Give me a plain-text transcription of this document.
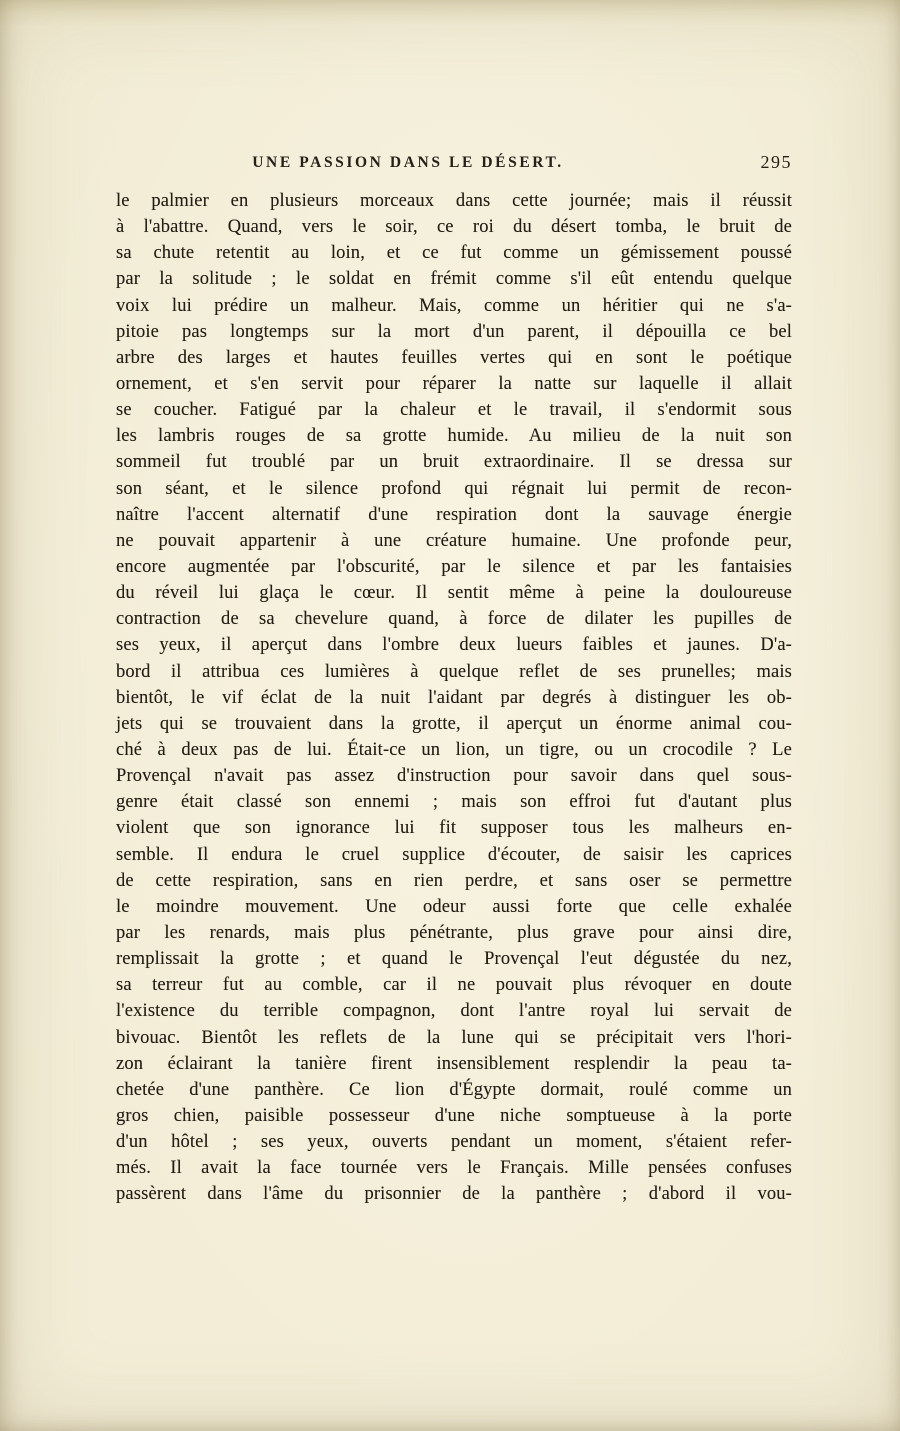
UNE PASSION DANS LE DÉSERT.	295
le palmier en plusieurs morceaux dans cette journée; mais il réussit
à l'abattre. Quand, vers le soir, ce roi du désert tomba, le bruit de
sa chute retentit au loin, et ce fut comme un gémissement poussé
par la solitude ; le soldat en frémit comme s'il eût entendu quelque
voix lui prédire un malheur. Mais, comme un héritier qui ne s'a-
pitoie pas longtemps sur la mort d'un parent, il dépouilla ce bel
arbre des larges et hautes feuilles vertes qui en sont le poétique
ornement, et s'en servit pour réparer la natte sur laquelle il allait
se coucher. Fatigué par la chaleur et le travail, il s'endormit sous
les lambris rouges de sa grotte humide. Au milieu de la nuit son
sommeil fut troublé par un bruit extraordinaire. Il se dressa sur
son séant, et le silence profond qui régnait lui permit de recon-
naître l'accent alternatif d'une respiration dont la sauvage énergie
ne pouvait appartenir à une créature humaine. Une profonde peur,
encore augmentée par l'obscurité, par le silence et par les fantaisies
du réveil lui glaça le cœur. Il sentit même à peine la douloureuse
contraction de sa chevelure quand, à force de dilater les pupilles de
ses yeux, il aperçut dans l'ombre deux lueurs faibles et jaunes. D'a-
bord il attribua ces lumières à quelque reflet de ses prunelles; mais
bientôt, le vif éclat de la nuit l'aidant par degrés à distinguer les ob-
jets qui se trouvaient dans la grotte, il aperçut un énorme animal cou-
ché à deux pas de lui. Était-ce un lion, un tigre, ou un crocodile ? Le
Provençal n'avait pas assez d'instruction pour savoir dans quel sous-
genre était classé son ennemi ; mais son effroi fut d'autant plus
violent que son ignorance lui fit supposer tous les malheurs en-
semble. Il endura le cruel supplice d'écouter, de saisir les caprices
de cette respiration, sans en rien perdre, et sans oser se permettre
le moindre mouvement. Une odeur aussi forte que celle exhalée
par les renards, mais plus pénétrante, plus grave pour ainsi dire,
remplissait la grotte ; et quand le Provençal l'eut dégustée du nez,
sa terreur fut au comble, car il ne pouvait plus révoquer en doute
l'existence du terrible compagnon, dont l'antre royal lui servait de
bivouac. Bientôt les reflets de la lune qui se précipitait vers l'hori-
zon éclairant la tanière firent insensiblement resplendir la peau ta-
chetée d'une panthère. Ce lion d'Égypte dormait, roulé comme un
gros chien, paisible possesseur d'une niche somptueuse à la porte
d'un hôtel ; ses yeux, ouverts pendant un moment, s'étaient refer-
més. Il avait la face tournée vers le Français. Mille pensées confuses
passèrent dans l'âme du prisonnier de la panthère ; d'abord il vou-
